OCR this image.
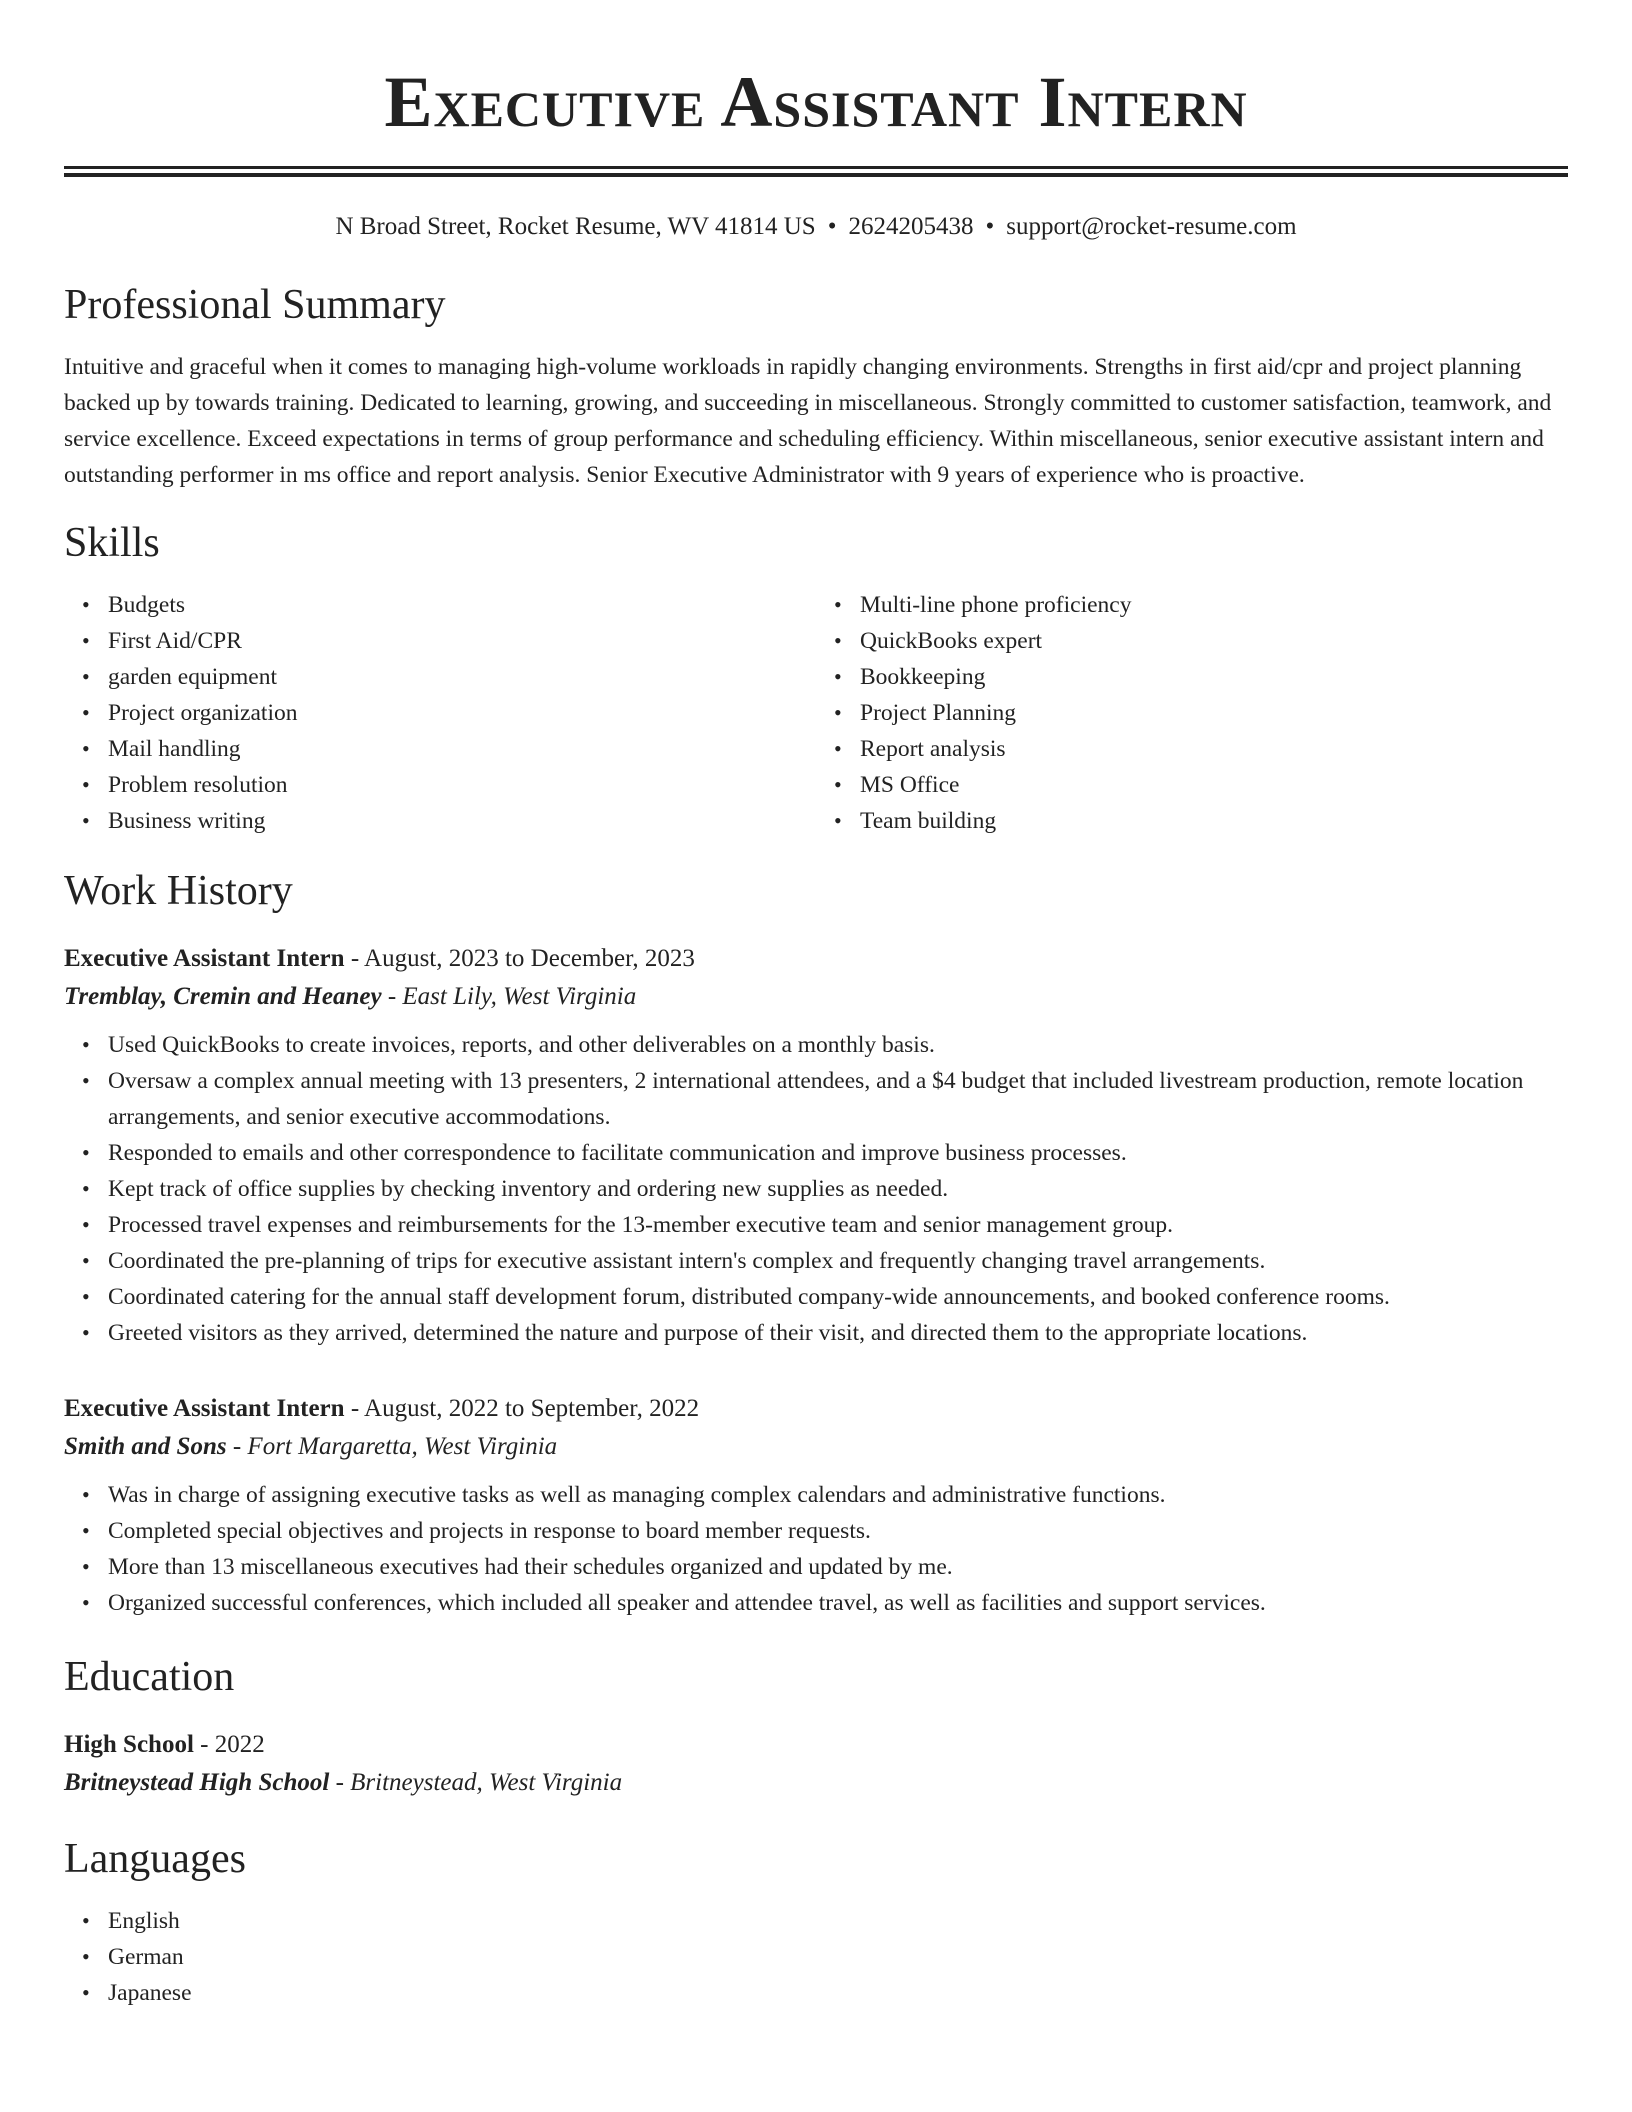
Executive Assistant Intern
N Broad Street, Rocket Resume, WV 41814 US • 2624205438 • support@rocket-resume.com
Professional Summary
Intuitive and graceful when it comes to managing high-volume workloads in rapidly changing environments. Strengths in first aid/cpr and project planning backed up by towards training. Dedicated to learning, growing, and succeeding in miscellaneous. Strongly committed to customer satisfaction, teamwork, and service excellence. Exceed expectations in terms of group performance and scheduling efficiency. Within miscellaneous, senior executive assistant intern and outstanding performer in ms office and report analysis. Senior Executive Administrator with 9 years of experience who is proactive.
Skills
• Budgets
• First Aid/CPR
• garden equipment
• Project organization
• Mail handling
• Problem resolution
• Business writing
• Multi-line phone proficiency
• QuickBooks expert
• Bookkeeping
• Project Planning
• Report analysis
• MS Office
• Team building
Work History
Executive Assistant Intern - August, 2023 to December, 2023
Tremblay, Cremin and Heaney - East Lily, West Virginia
• Used QuickBooks to create invoices, reports, and other deliverables on a monthly basis.
• Oversaw a complex annual meeting with 13 presenters, 2 international attendees, and a $4 budget that included livestream production, remote location arrangements, and senior executive accommodations.
• Responded to emails and other correspondence to facilitate communication and improve business processes.
• Kept track of office supplies by checking inventory and ordering new supplies as needed.
• Processed travel expenses and reimbursements for the 13-member executive team and senior management group.
• Coordinated the pre-planning of trips for executive assistant intern's complex and frequently changing travel arrangements.
• Coordinated catering for the annual staff development forum, distributed company-wide announcements, and booked conference rooms.
• Greeted visitors as they arrived, determined the nature and purpose of their visit, and directed them to the appropriate locations.
Executive Assistant Intern - August, 2022 to September, 2022
Smith and Sons - Fort Margaretta, West Virginia
• Was in charge of assigning executive tasks as well as managing complex calendars and administrative functions.
• Completed special objectives and projects in response to board member requests.
• More than 13 miscellaneous executives had their schedules organized and updated by me.
• Organized successful conferences, which included all speaker and attendee travel, as well as facilities and support services.
Education
High School - 2022
Britneystead High School - Britneystead, West Virginia
Languages
• English
• German
• Japanese
